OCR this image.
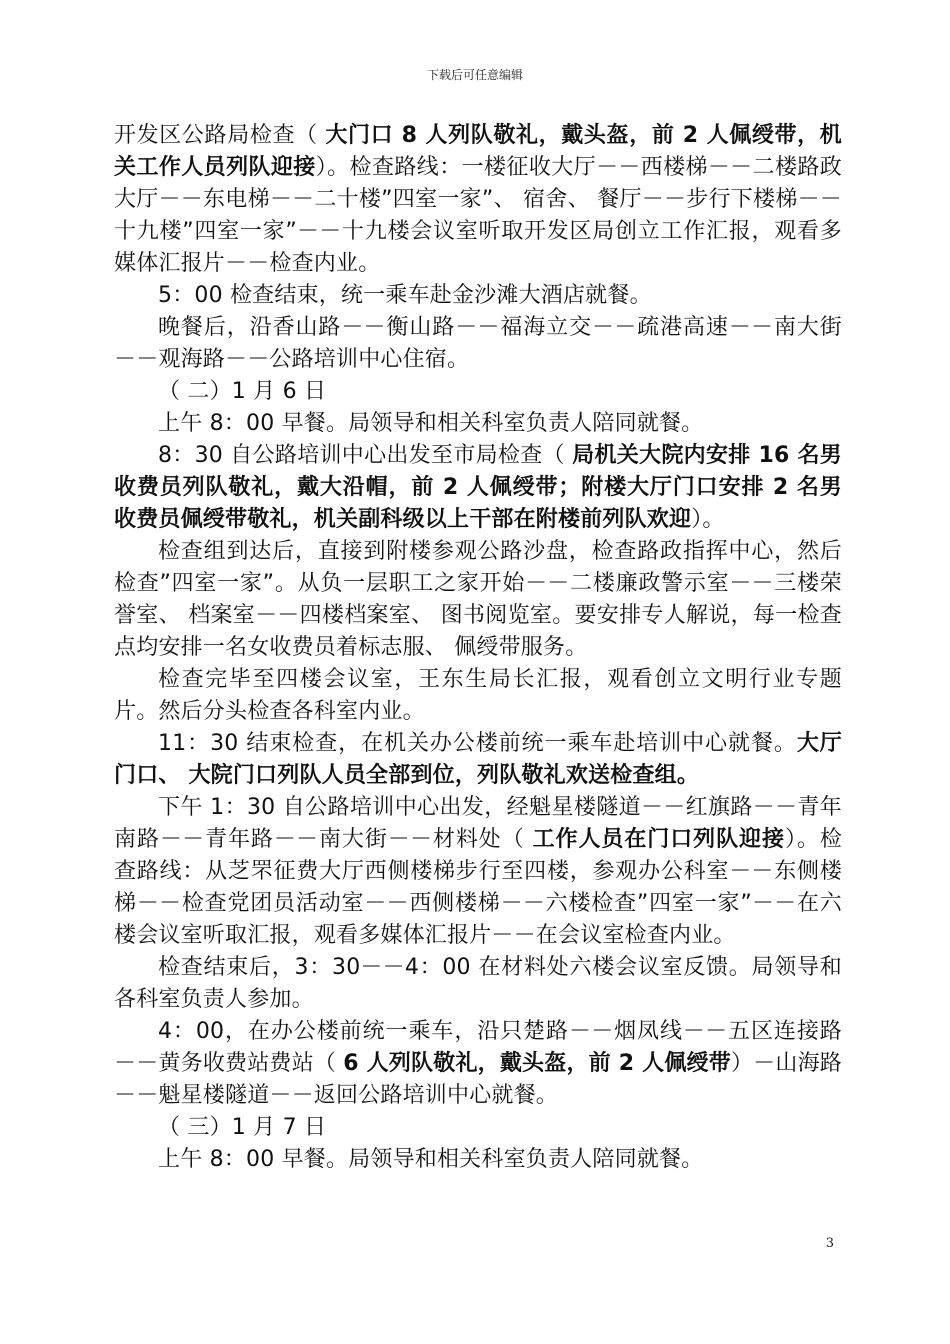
下载后可任意编辑

开发区公路局检查（ 大门口 8 人列队敬礼，戴头盔，前 2 人佩绶带，机关工作人员列队迎接）。检查路线：一楼征收大厅－－西楼梯－－二楼路政大厅－－东电梯－－二十楼”四室一家”、 宿舍、 餐厅－－步行下楼梯－－十九楼”四室一家”－－十九楼会议室听取开发区局创立工作汇报，观看多媒体汇报片－－检查内业。

5：00 检查结束，统一乘车赴金沙滩大酒店就餐。

晚餐后，沿香山路－－衡山路－－福海立交－－疏港高速－－南大街－－观海路－－公路培训中心住宿。

（ 二）1 月 6 日

上午 8：00 早餐。局领导和相关科室负责人陪同就餐。

8：30 自公路培训中心出发至市局检查（ 局机关大院内安排 16 名男收费员列队敬礼，戴大沿帽，前 2 人佩绶带；附楼大厅门口安排 2 名男收费员佩绶带敬礼，机关副科级以上干部在附楼前列队欢迎）。

检查组到达后，直接到附楼参观公路沙盘，检查路政指挥中心，然后检查”四室一家”。从负一层职工之家开始－－二楼廉政警示室－－三楼荣誉室、 档案室－－四楼档案室、 图书阅览室。要安排专人解说，每一检查点均安排一名女收费员着标志服、 佩绶带服务。

检查完毕至四楼会议室，王东生局长汇报，观看创立文明行业专题片。然后分头检查各科室内业。

11：30 结束检查，在机关办公楼前统一乘车赴培训中心就餐。大厅门口、 大院门口列队人员全部到位，列队敬礼欢送检查组。

下午 1：30 自公路培训中心出发，经魁星楼隧道－－红旗路－－青年南路－－青年路－－南大街－－材料处（ 工作人员在门口列队迎接）。检查路线：从芝罘征费大厅西侧楼梯步行至四楼，参观办公科室－－东侧楼梯－－检查党团员活动室－－西侧楼梯－－六楼检查”四室一家”－－在六楼会议室听取汇报，观看多媒体汇报片－－在会议室检查内业。

检查结束后，3：30－－4：00 在材料处六楼会议室反馈。局领导和各科室负责人参加。

4：00，在办公楼前统一乘车，沿只楚路－－烟凤线－－五区连接路－－黄务收费站费站（ 6 人列队敬礼，戴头盔，前 2 人佩绶带）－山海路－－魁星楼隧道－－返回公路培训中心就餐。

（ 三）1 月 7 日

上午 8：00 早餐。局领导和相关科室负责人陪同就餐。

3
